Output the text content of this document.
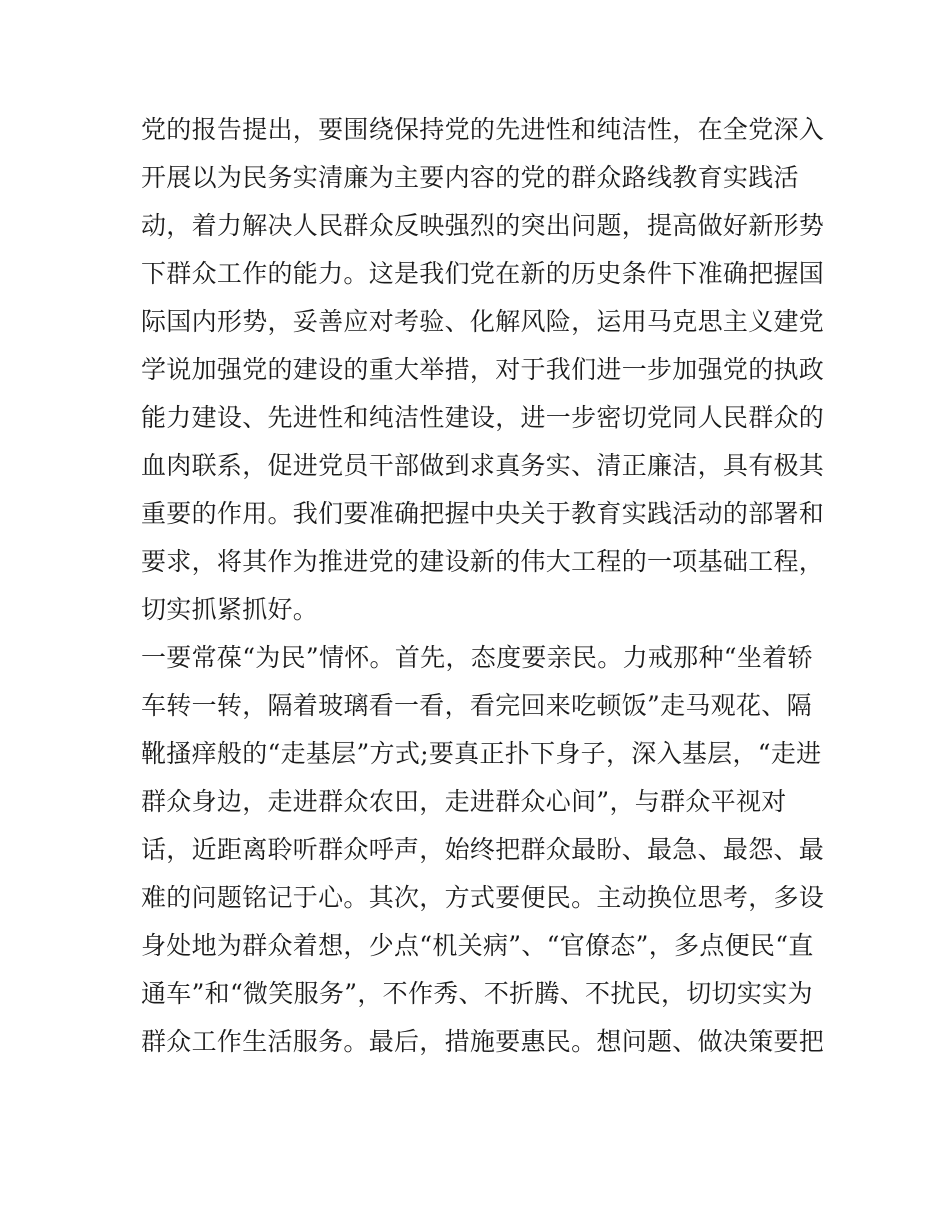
党的报告提出，要围绕保持党的先进性和纯洁性，在全党深入
开展以为民务实清廉为主要内容的党的群众路线教育实践活
动，着力解决人民群众反映强烈的突出问题，提高做好新形势
下群众工作的能力。这是我们党在新的历史条件下准确把握国
际国内形势，妥善应对考验、化解风险，运用马克思主义建党
学说加强党的建设的重大举措，对于我们进一步加强党的执政
能力建设、先进性和纯洁性建设，进一步密切党同人民群众的
血肉联系，促进党员干部做到求真务实、清正廉洁，具有极其
重要的作用。我们要准确把握中央关于教育实践活动的部署和
要求，将其作为推进党的建设新的伟大工程的一项基础工程，
切实抓紧抓好。
一要常葆“为民”情怀。首先，态度要亲民。力戒那种“坐着轿
车转一转，隔着玻璃看一看，看完回来吃顿饭”走马观花、隔
靴搔痒般的“走基层”方式;要真正扑下身子，深入基层，“走进
群众身边，走进群众农田，走进群众心间”，与群众平视对
话，近距离聆听群众呼声，始终把群众最盼、最急、最怨、最
难的问题铭记于心。其次，方式要便民。主动换位思考，多设
身处地为群众着想，少点“机关病”、“官僚态”，多点便民“直
通车”和“微笑服务”，不作秀、不折腾、不扰民，切切实实为
群众工作生活服务。最后，措施要惠民。想问题、做决策要把
